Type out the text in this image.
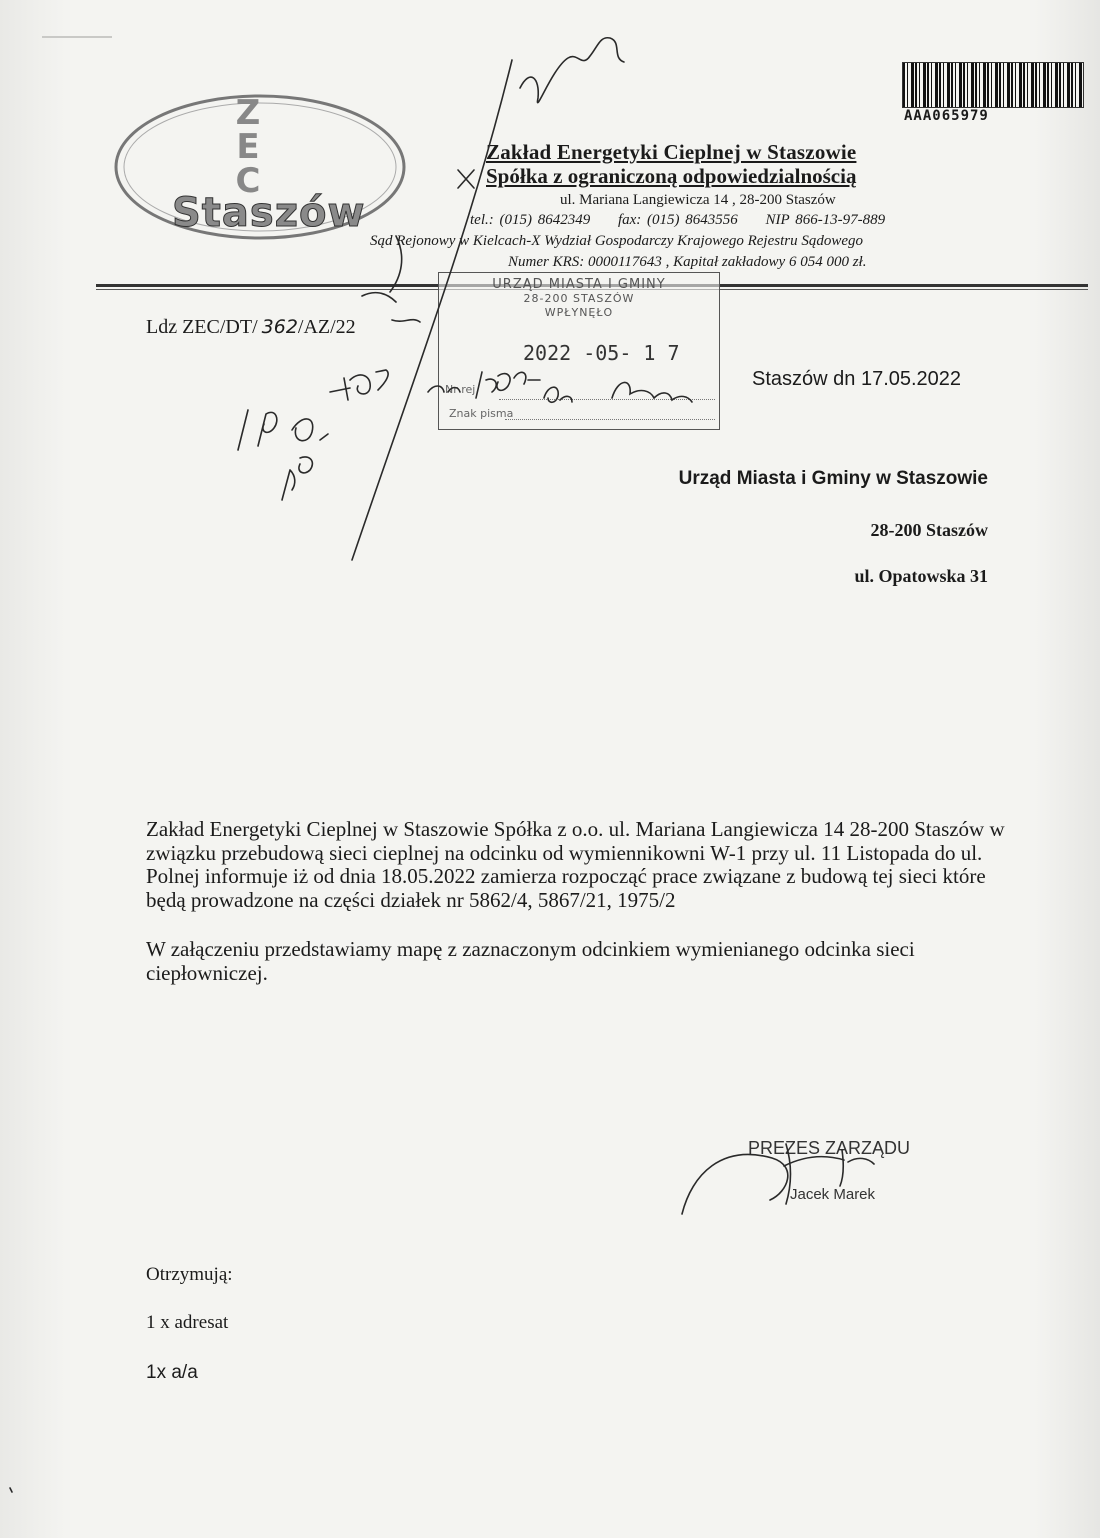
AAA065979
Z
E
C
Staszów
Zakład Energetyki Cieplnej w Staszowie
Spółka z ograniczoną odpowiedzialnością
ul. Mariana Langiewicza 14 , 28-200 Staszów
tel.: (015) 8642349 fax: (015) 8643556 NIP 866-13-97-889
Sąd Rejonowy w Kielcach-X Wydział Gospodarczy Krajowego Rejestru Sądowego
Numer KRS: 0000117643 , Kapitał zakładowy 6 054 000 zł.
Ldz ZEC/DT/ 362/AZ/22
URZĄD MIASTA I GMINY
28-200 STASZÓW
WPŁYNĘŁO
2022 -05- 1 7
Nr rej.
Znak pisma
Staszów dn 17.05.2022
Urząd Miasta i Gminy w Staszowie
28-200 Staszów
ul. Opatowska 31

Zakład Energetyki Cieplnej w Staszowie Spółka z o.o. ul. Mariana Langiewicza 14 28-200 Staszów w związku przebudową sieci cieplnej na odcinku od wymiennikowni W-1 przy ul. 11 Listopada do ul. Polnej informuje iż od dnia 18.05.2022 zamierza rozpocząć prace związane z budową tej sieci które będą prowadzone na części działek nr 5862/4, 5867/21, 1975/2

W załączeniu przedstawiamy mapę z zaznaczonym odcinkiem wymienianego odcinka sieci ciepłowniczej.

PREZES ZARZĄDU
Jacek Marek
Otrzymują:
1 x adresat
1x a/a
